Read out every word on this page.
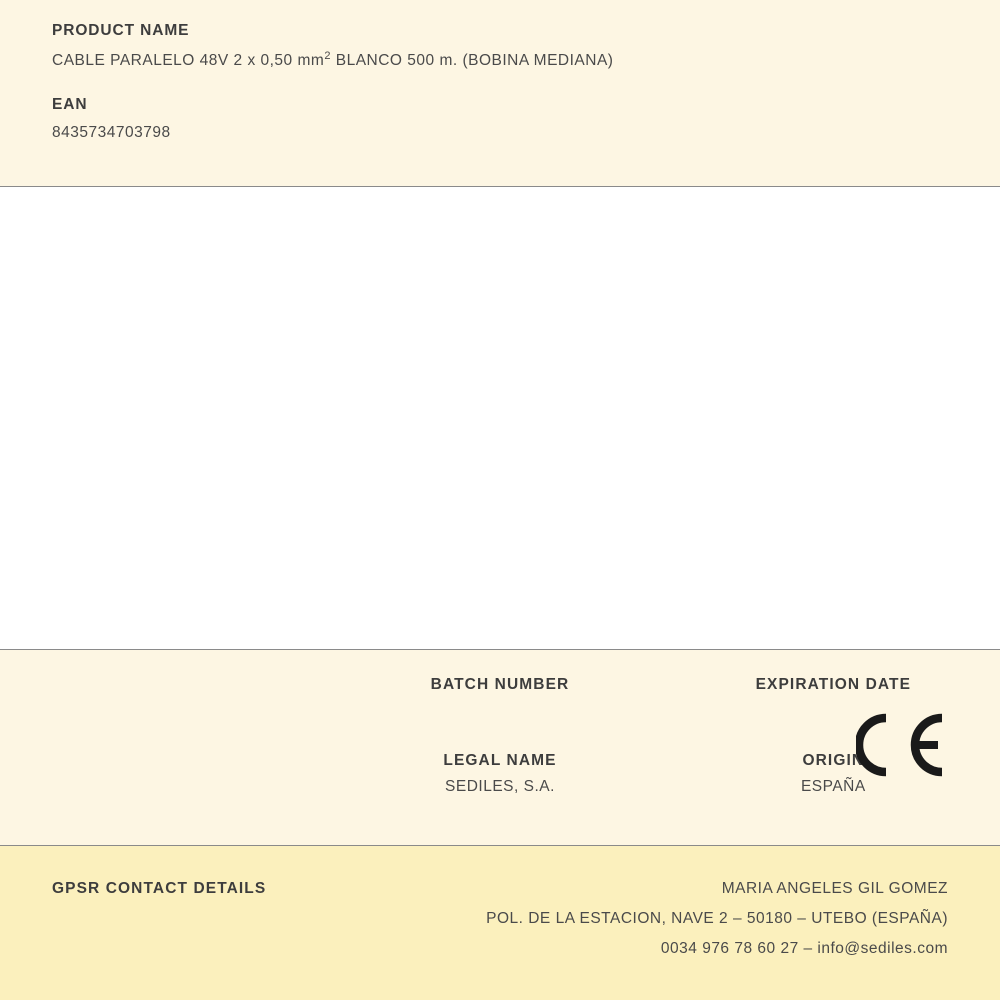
PRODUCT NAME

CABLE PARALELO 48V 2 x 0,50 $mm^2$ BLANCO 500 m. (BOBINA MEDIANA)

EAN

8435734703798

BATCH NUMBER	EXPIRATION DATE

LEGAL NAME

SEDILES, S.A.

ORIGIN

ESPAÑA

GPSR CONTACT DETAILS	MARIA ANGELES GIL GOMEZ

POL. DE LA ESTACION, NAVE 2 – 50180 – UTEBO (ESPAÑA)

0034 976 78 60 27 – info@sediles.com
